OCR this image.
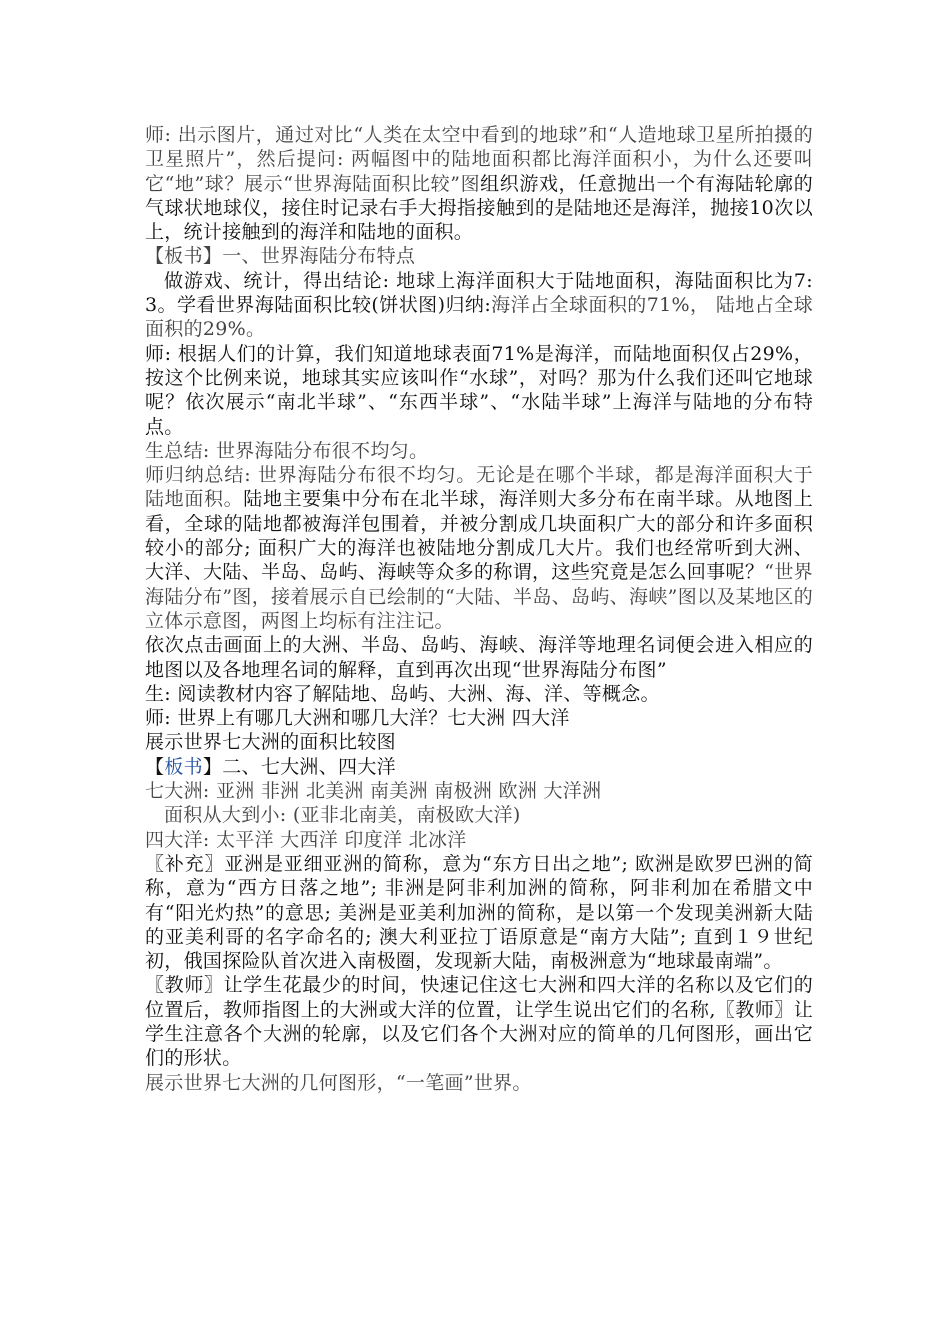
师: 出示图片，通过对比“人类在太空中看到的地球”和“人造地球卫星所拍摄的卫星照片”，然后提问: 两幅图中的陆地面积都比海洋面积小，为什么还要叫它“地”球？展示“世界海陆面积比较”图组织游戏，任意抛出一个有海陆轮廓的气球状地球仪，接住时记录右手大拇指接触到的是陆地还是海洋，抛接10次以上，统计接触到的海洋和陆地的面积。

【板书】一、世界海陆分布特点

做游戏、统计，得出结论: 地球上海洋面积大于陆地面积，海陆面积比为7: 3。学看世界海陆面积比较(饼状图)归纳:海洋占全球面积的71%， 陆地占全球面积的29%。

师: 根据人们的计算，我们知道地球表面71%是海洋，而陆地面积仅占29%，按这个比例来说，地球其实应该叫作“水球”，对吗？那为什么我们还叫它地球呢？依次展示“南北半球”、“东西半球”、“水陆半球”上海洋与陆地的分布特点。

生总结: 世界海陆分布很不均匀。

师归纳总结: 世界海陆分布很不均匀。无论是在哪个半球，都是海洋面积大于陆地面积。陆地主要集中分布在北半球，海洋则大多分布在南半球。从地图上看，全球的陆地都被海洋包围着，并被分割成几块面积广大的部分和许多面积较小的部分; 面积广大的海洋也被陆地分割成几大片。我们也经常听到大洲、大洋、大陆、半岛、岛屿、海峡等众多的称谓，这些究竟是怎么回事呢？“世界海陆分布”图，接着展示自已绘制的“大陆、半岛、岛屿、海峡”图以及某地区的立体示意图，两图上均标有注注记。

依次点击画面上的大洲、半岛、岛屿、海峡、海洋等地理名词便会进入相应的地图以及各地理名词的解释，直到再次出现“世界海陆分布图”

生: 阅读教材内容了解陆地、岛屿、大洲、海、洋、等概念。

师: 世界上有哪几大洲和哪几大洋？七大洲 四大洋

展示世界七大洲的面积比较图

【板书】二、七大洲、四大洋

七大洲: 亚洲 非洲 北美洲 南美洲 南极洲 欧洲 大洋洲

面积从大到小: (亚非北南美，南极欧大洋)

四大洋: 太平洋 大西洋 印度洋 北冰洋

〖补充〗亚洲是亚细亚洲的简称，意为“东方日出之地”; 欧洲是欧罗巴洲的简称，意为“西方日落之地”; 非洲是阿非利加洲的简称，阿非利加在希腊文中有“阳光灼热”的意思; 美洲是亚美利加洲的简称，是以第一个发现美洲新大陆的亚美利哥的名字命名的; 澳大利亚拉丁语原意是“南方大陆”; 直到１９世纪初，俄国探险队首次进入南极圈，发现新大陆，南极洲意为“地球最南端”。

〖教师〗让学生花最少的时间，快速记住这七大洲和四大洋的名称以及它们的位置后，教师指图上的大洲或大洋的位置，让学生说出它们的名称,〖教师〗让学生注意各个大洲的轮廓，以及它们各个大洲对应的简单的几何图形，画出它们的形状。

展示世界七大洲的几何图形，“一笔画”世界。
